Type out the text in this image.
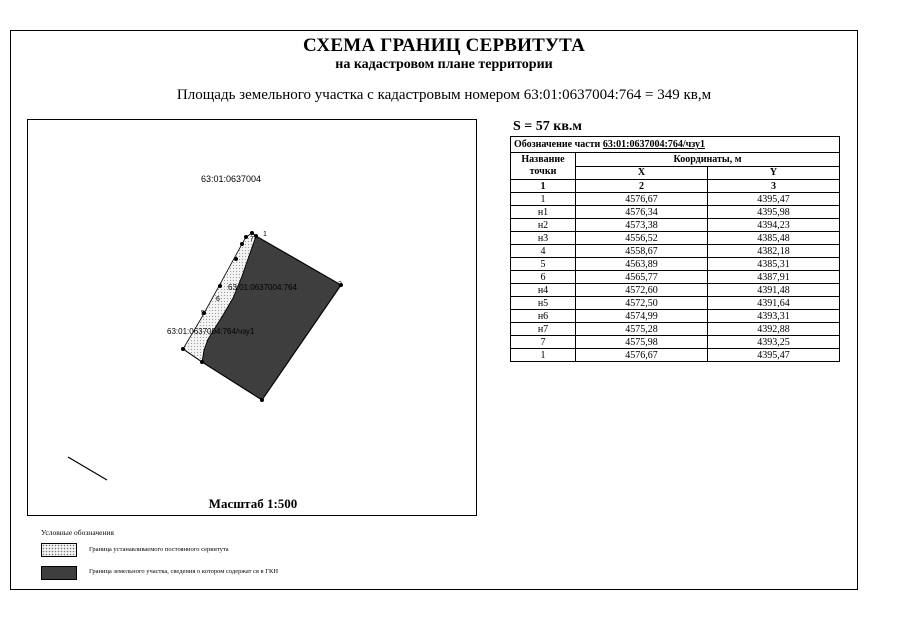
СХЕМА ГРАНИЦ СЕРВИТУТА
на кадастровом плане территории
Площадь земельного участка с кадастровым номером 63:01:0637004:764 = 349 кв,м
63:01:0637004
63:01:0637004:764
63:01:0637004:764/чзу1
1
7
2
6
5
Масштаб 1:500
S = 57 кв.м
Обозначение части 63:01:0637004:764/чзу1		
Название точки	Координаты, м	
	X	Y
1	2	3
1	4576,67	4395,47
н1	4576,34	4395,98
н2	4573,38	4394,23
н3	4556,52	4385,48
4	4558,67	4382,18
5	4563,89	4385,31
6	4565,77	4387,91
н4	4572,60	4391,48
н5	4572,50	4391,64
н6	4574,99	4393,31
н7	4575,28	4392,88
7	4575,98	4393,25
1	4576,67	4395,47
Условные обозначения
Граница устанавливаемого постоянного сервитута
Граница земельного участка, сведения о котором содержат ся в ГКН
